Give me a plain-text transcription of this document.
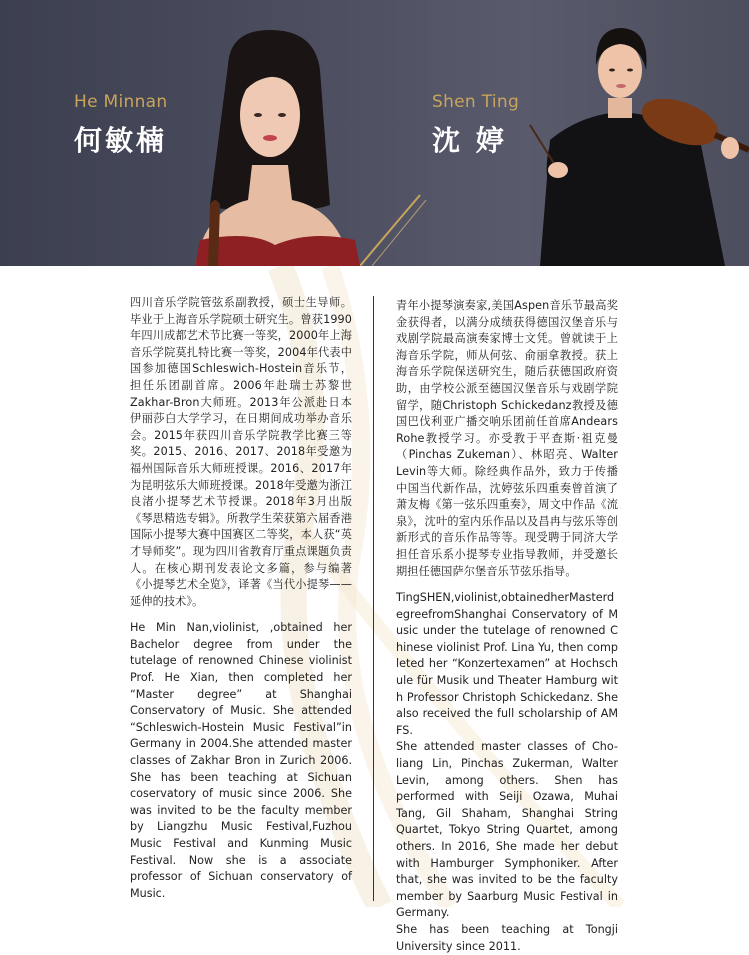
He Minnan
何敏楠
Shen Ting
沈 婷

四川音乐学院管弦系副教授，硕士生导师。毕业于上海音乐学院硕士研究生。曾获1990年四川成都艺术节比赛一等奖，2000年上海音乐学院莫扎特比赛一等奖，2004年代表中国参加德国Schleswich-Hostein音乐节，担任乐团副首席。2006年赴瑞士苏黎世Zakhar-Bron大师班。2013年公派赴日本伊丽莎白大学学习，在日期间成功举办音乐会。2015年获四川音乐学院教学比赛三等奖。2015、2016、2017、2018年受邀为福州国际音乐大师班授课。2016、2017年为昆明弦乐大师班授课。2018年受邀为浙江良渚小提琴艺术节授课。2018年3月出版《琴思精选专辑》。所教学生荣获第六届香港国际小提琴大赛中国赛区二等奖，本人获“英才导师奖”。现为四川省教育厅重点课题负责人。在核心期刊发表论文多篇，参与编著《小提琴艺术全览》，译著《当代小提琴——延伸的技术》。

He Min Nan,violinist, ,obtained her Bachelor degree from under the tutelage of renowned Chinese violinist Prof. He Xian, then completed her “Master degree” at Shanghai Conservatory of Music. She attended “Schleswich-Hostein Music Festival”in Germany in 2004.She attended master classes of Zakhar Bron in Zurich 2006. She has been teaching at Sichuan coservatory of music since 2006. She was invited to be the faculty member by Liangzhu Music Festival,Fuzhou Music Festival and Kunming Music Festival. Now she is a associate professor of Sichuan conservatory of Music.

青年小提琴演奏家,美国Aspen音乐节最高奖金获得者，以满分成绩获得德国汉堡音乐与戏剧学院最高演奏家博士文凭。曾就读于上海音乐学院，师从何弦、俞丽拿教授。获上海音乐学院保送研究生，随后获德国政府资助，由学校公派至德国汉堡音乐与戏剧学院留学，随Christoph Schickedanz教授及德国巴伐利亚广播交响乐团前任首席Andears Rohe教授学习。亦受教于平查斯·祖克曼（Pinchas Zukeman）、林昭亮、Walter Levin等大师。除经典作品外，致力于传播中国当代新作品，沈婷弦乐四重奏曾首演了萧友梅《第一弦乐四重奏》，周文中作品《流泉》，沈叶的室内乐作品以及昌冉与弦乐等创新形式的音乐作品等等。现受聘于同济大学担任音乐系小提琴专业指导教师，并受邀长期担任德国萨尔堡音乐节弦乐指导。

TingSHEN,violinist,obtainedherMasterdegreefromShanghai Conservatory of Music under the tutelage of renowned Chinese violinist Prof. Lina Yu, then completed her “Konzertexamen” at Hochschule für Musik und Theater Hamburg with Professor Christoph Schickedanz. She also received the full scholarship of AMFS.

She attended master classes of Cho-liang Lin, Pinchas Zukerman, Walter Levin, among others. Shen has performed with Seiji Ozawa, Muhai Tang, Gil Shaham, Shanghai String Quartet, Tokyo String Quartet, among others. In 2016, She made her debut with Hamburger Symphoniker. After that, she was invited to be the faculty member by Saarburg Music Festival in Germany.

She has been teaching at Tongji University since 2011.
